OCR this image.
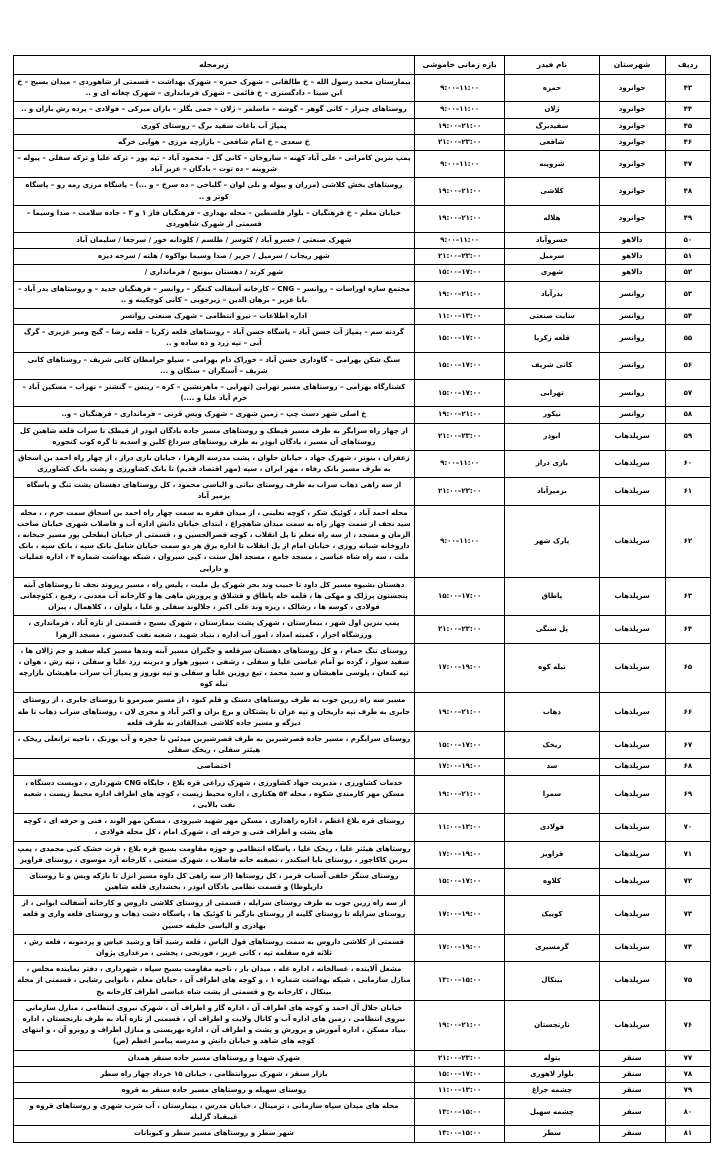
ردیف	شهرستان	نام فیدر	بازه زمانی خاموشی	زیرمحله
۴۳	جوانرود	حمزه	۹:۰۰–۱۱:۰۰	بیمارستان محمد رسول الله – خ طالقانی – شهرک حمزه – شهرک بهداشت – قسمتی از شاهوردی – میدان بسیج – خ ابن سینا – دادگستری – خ قائمی – شهرک فرمانداری – شهرک چغانه ای و ..
۴۴	جوانرود	ژلان	۹:۰۰–۱۱:۰۰	روستاهای چنزار – کانی گوهر – گوشه – ماسلمر – ژلان – جمی بگلر – بازان میرکی – فولادی – پرده رش بازان و ..
۴۵	جوانرود	سفیدبرگ	۱۹:۰۰–۲۱:۰۰	پمپاژ آب باغات سفید برگ – روستای کوری
۴۶	جوانرود	شافعی	۲۱:۰۰–۲۳:۰۰	خ سعدی – خ امام شافعی – بازارچه مرزی – هوایی خرگه
۴۷	جوانرود	شروینه	۹:۰۰–۱۱:۰۰	پمپ بنزین کامرانی – علی آباد کهنه – ساروخان – کانی گل – محمود آباد – تپه پور – ترکه علیا و ترکه سفلی – پیوله – شروینه – ده توت – بادگان – عزیز آباد
۴۸	جوانرود	کلاشی	۱۹:۰۰–۲۱:۰۰	روستاهای بخش کلاشی (مزران و پیوله و بلی لوان – گلباخی – ده سرخ – و ...) – پاسگاه مرزی رمه رو – پاسگاه کوتر و ..
۴۹	جوانرود	هلاله	۱۹:۰۰–۲۱:۰۰	خیابان معلم – خ فرهنگیان – بلوار فلسطین – محله بهداری – فرهنگیان فاز ۱ و ۳ – جاده سلامت – صدا وسیما – قسمتی از شهرک شاهوردی
۵۰	دالاهو	خسروآباد	۹:۰۰–۱۱:۰۰	شهرک صنعتی / خسرو آباد / کئوسز / طلسم / کلودانه خور / سرجغا / سلیمان آباد
۵۱	دالاهو	سرمیل	۲۱:۰۰–۲۳:۰۰	شهر ریجاب / سرمیل / حریر / صدا وسیما نواکوه / هلته / سرخه دیزه
۵۲	دالاهو	شهری	۱۵:۰۰–۱۷:۰۰	شهر کرند / دهستان بیونیج / فرمانداری /
۵۳	روانسر	بدرآباد	۱۹:۰۰–۲۱:۰۰	مجتمع سازه اوراسات – روانسر – CNG – کارخانه آسفالت کنعگر – روانسر – فرهنگیان جدید – و روستاهای بدر آباد – بابا عزیز – برهان الدین – زیرجویی – کانی کوچکینه و ..
۵۴	روانسر	سایت صنعتی	۱۱:۰۰–۱۳:۰۰	اداره اطلاعات – نیرو انتظامی – شهرک صنعتی روانسر
۵۵	روانسر	قلعه زکریا	۱۵:۰۰–۱۷:۰۰	گردنه سم – پمپاژ آب حسن آباد – پاسگاه حسن آباد – روستاهای قلعه زکریا – قلعه رضا – گیج ومیر عزیزی – گرگ آبی – تپه زرد و ده ساده و ..
۵۶	روانسر	کانی شریف	۱۵:۰۰–۱۷:۰۰	سنگ شکن بهرامی – گاوداری حسن آباد – خوراک دام بهرامی – سیلو جرامطان کانی شریف – روستاهای کانی شریف – آسنگران – سنگان و ...
۵۷	روانسر	تهرابی	۱۵:۰۰–۱۷:۰۰	کشتارگاه بهرامی – روستاهای مسیر تهرابی (تهرابی – ماهرنشین – کره – رییس – گنشتر – تهراب – مسکین آباد – خرم آباد علیا و ....)
۵۸	روانسر	نیکور	۱۹:۰۰–۲۱:۰۰	خ اصلی شهر دست چپ – زمین شهری – شهرک ویس قرنی – فرمانداری – فرهنگیان – و..
۵۹	سرپلذهاب	ابوذر	۲۱:۰۰–۲۳:۰۰	از چهار راه سرایگر به طرف مسیر قیطک و روستاهای مسیر جاده بادگان ابوذر از قیطک تا سراب قلعه شاهین کل روستاهای آن مسیر ، بادگان ابوذر به طرف روستاهای سرداغ کلین و اسدیه تا گره کوب کنجوره
۶۰	سرپلذهاب	بازی دراز	۹:۰۰–۱۱:۰۰	زعفران ، بنوتر ، شهرک جهاد ، خیابان حلوان ، پشت مدرسه الزهرا ، خیابان بازی دراز ، از چهار راه احمد بن اسحاق به طرف مسیر بانک رفاه ، مهر ایران ، سپه (مهر اقتصاد قدیم) تا بانک کشاورزی و پشت بانک کشاورزی
۶۱	سرپلذهاب	بزمیرآباد	۲۱:۰۰–۲۳:۰۰	از سه راهی ذهاب سراب به طرف روستای نیانی و الیاسی محمود ، کل روستاهای دهستان پشت تنگ و پاسگاه بزمیر آباد
۶۲	سرپلذهاب	پارک شهر	۹:۰۰–۱۱:۰۰	محله احمد آباد ، کوئیک شکر ، کوچه نعلینی ، از میدان فقره به سمت چهار راه احمد بن اسحاق سمت حرم ، ، محله سید نجف از سمت چهار راه به سمت میدان شاهچراغ ، ابتدای خیابان دانش اداره آب و فاضلاب شهری خیابان صاحب الزمان و مسجد ، از سه راه معلم تا پل انقلاب ، کوچه قصرالحسین و ، قسمتی از خیابان ابطحلی پور مسیر جبخانه ، داروخانه شبانه روزی ، خیابان امام از پل انقلاب تا اداره برق هر دو سمت خیابان شامل بانک سپه ، بانک سپه ، بانک ملت ، سه راه شاه عباسی ، مسجد جامع ، مسجد اهل سنت ، کپی سیروان ، شبکه بهداشت شماره ۴ ، اداره عملیات و دارایی
۶۳	سرپلذهاب	پاطاق	۱۵:۰۰–۱۷:۰۰	دهستان بشیوه مسیر کل داود تا حبیب وند بجز شهرک پل ملیت ، پلیس راه ، مسیر ریزوند نجف تا روستاهای آبنه پتجستون پرژلک و مهکی ها ، قلمه خله پاطاق و قشلاق و پرورش ماهی ها و کارخانه آب معدنی ، رفیع ، کئوچغانی فولادی ، کوسه ها ، رشالک ، ریزه وند علی اکبر ، جلالوند سفلی و علیا ، پلوان ، ، کلاهمال ، پیران
۶۴	سرپلذهاب	پل سنگی	۲۱:۰۰–۲۳:۰۰	پمپ بنزین اول شهر ، بیمارستان ، شهرک پشت بیمارستان ، شهرک بسیج ، قسمتی از تازه آباد ، فرمانداری ، ورزشگاه احرار ، کمیته امداد ، امور آب اداره ، بنیاد شهید ، شعبه نفت کندسوز ، مسجد الزهرا
۶۵	سرپلذهاب	تیله کوه	۱۷:۰۰–۱۹:۰۰	روستای تنگ حمام ، و کل روستاهای دهستان سرقلعه و جگیران مسیر آبنه وندها مسیر کیله سفید و جم ژالان ها ، سفید سوار ، گرده نو آمام عباسی علیا و سفلی ، رشفی ، سپور هوار و دیرینه زرد علیا و سفلی ، تپه رش ، هوان ، تپه کنعان ، پلوسی ماهیشان و سید محمد ، تیغ روزین علیا و سفلی و تپه نوروز و پمپاژ آب سراب ماهیشان بازارچه تیله کوه
۶۶	سرپلذهاب	ذهاب	۱۹:۰۰–۲۱:۰۰	مسیر سه راه زرین جوب به طرف روستاهای دستک و قلم کبود ، از مسیر صیرمرو تا روستای جابری ، از روستای جابری به طرف تپه داریخان و تپه عزان تا پشتکان و برغ بزان و اکبر آباد و مجری لان ، روستاهای سراب ذهاب تا طه دیزگه و مسیر جاده کلاشی عبدالقادر به طرف قلعه
۶۷	سرپلذهاب	ریخک	۱۵:۰۰–۱۷:۰۰	روستای سرایگرم ، مسیر جاده قصرشیرین به طرف قصرشیرین میدئین تا حجره و آب بوزنک ، ناحیه ترانعلی ریخک ، هیئتر سفلی ، ریخک سفلی
۶۸	سرپلذهاب	سد	۱۷:۰۰–۱۹:۰۰	اختصاصی
۶۹	سرپلذهاب	سمرا	۱۹:۰۰–۲۱:۰۰	خدمات کشاورزی ، مدیریت جهاد کشاورزی ، شهرک زراعی قره بلاغ ، جایگاه CNG شهرداری ، دویست دستگاه ، مسکن مهر کارمندی شکوه ، محله ۵۴ هکتاری ، اداره محیط زیست ، کوچه های اطراف اداره محیط زیست ، شعبه نفت بالایی ،
۷۰	سرپلذهاب	فولادی	۱۱:۰۰–۱۳:۰۰	روستای قره بلاغ اعظم ، اداره راهداری ، مسکن مهر شهید شیرودی ، مسکن مهر الوند ، فنی و حرفه ای ، کوچه های پشت و اطراف فنی و حرفه ای ، شهرک امام ، کل محله فولادی ،
۷۱	سرپلذهاب	قراویز	۱۷:۰۰–۱۹:۰۰	روستاهای هیئتر علیا ، ریخک علیا ، پاسگاه انتظامی و حوزه مقاومت بسیج قره بلاغ ، قرث خشک کنی محمدی ، پمپ بنزین کاکاجور ، روستای بابا اسکندر ، تصفیه خانه فاضلاب ، شهرک صنعتی ، کارخانه آرد موسوی ، روستای قراویز
۷۲	سرپلذهاب	کلاوه	۱۵:۰۰–۱۷:۰۰	روستای سنگر خلفی آسیاب قرمز ، کل روستاها (از سه راهی کل داوه مسیر انزل تا نازکه ویس و تا روستای داریلوطا) و قسمت نظامی بادگان ابوذر ، بخشداری قلعه شاهین
۷۳	سرپلذهاب	کوییک	۱۷:۰۰–۱۹:۰۰	از سه راه زرین جوب به طرف روستای سراپله ، قسمتی از روستای کلاشی داروس و کارخانه آسفالت ایوانی ، از روستای سراپله تا روستای گلینه از روستای بازگیر تا کوئیک ها ، پاسگاه دشت ذهاب و روستای قلعه واری و قلعه بهادری و الیاسی خلیفه حسین
۷۴	سرپلذهاب	گرمسیری	۱۷:۰۰–۱۹:۰۰	قسمتی از کلاشی داروس به سمت روستاهای قول الیاس ، قلعه رشید آقا و رشید عباس و پردمونه ، قلعه رش ، ثلاثه قره سقلمه تپه ، کانی عزیز ، فورنجی ، پخشی ، مرغداری پژوان
۷۵	سرپلذهاب	بینکال	۱۳:۰۰–۱۵:۰۰	مشعل آلاینده ، غسالخانه ، اداره غله ، میدان بار ، ناحیه مقاومت بسیج سپاه ، شهرداری ، دفتر نماینده مجلس ، منازل سازمانی ، شبکه بهداشت شماره ۱ ، و کوچه های اطراف آن ، خیابان معلم ، نانوایی رشایی ، قسمتی از محله بینکال ، کارخانه یخ و قسمتی از پشت شاه عباسی اطراف کارخانه یخ
۷۶	سرپلذهاب	نارنجستان	۱۹:۰۰–۲۱:۰۰	خیابان جلال آل احمد و کوچه های اطراف آن ، اداره گاز و اطراف آن ، شهرک نیروی انتظامی ، منازل سازمانی نیروی انتظامی ، زمین های اداره آب و کانال ولایت و اطراف آن ، قسمتی از تازه آباد به طرف نارنجستان ، اداره بنیاد مسکن ، اداره آموزش و پرورش و پشت و اطراف آن ، اداره بهزیستی و منازل اطراف و روبرو آن ، و انتهای کوچه های شاهد و خیابان دانش و مدرسه پیامبر اعظم (ص)
۷۷	سنقر	بتوله	۲۱:۰۰–۲۳:۰۰	شهرک شهدا و روستاهای مسیر جاده سنقر همدان
۷۸	سنقر	بلوار لاهوری	۱۵:۰۰–۱۷:۰۰	بازار سنقر ، شهرک نیروانتظامی ، خیابان ۱۵ خرداد چهار راه سطر
۷۹	سنقر	چشمه جراغ	۱۱:۰۰–۱۳:۰۰	روستای سهیله و روستاهای مسیر جاده سنقر به قروه
۸۰	سنقر	چشمه سهیل	۱۳:۰۰–۱۵:۰۰	محله های میدان سپاه سازمانی ، ترمینال ، خیابان مدرس ، بیمارستان ، آب شرب شهری و روستاهای قروه و غیبقباد گزلیله
۸۱	سنقر	سطر	۱۳:۰۰–۱۵:۰۰	شهر سطر و روستاهای مسیر سطر و کیونانات
